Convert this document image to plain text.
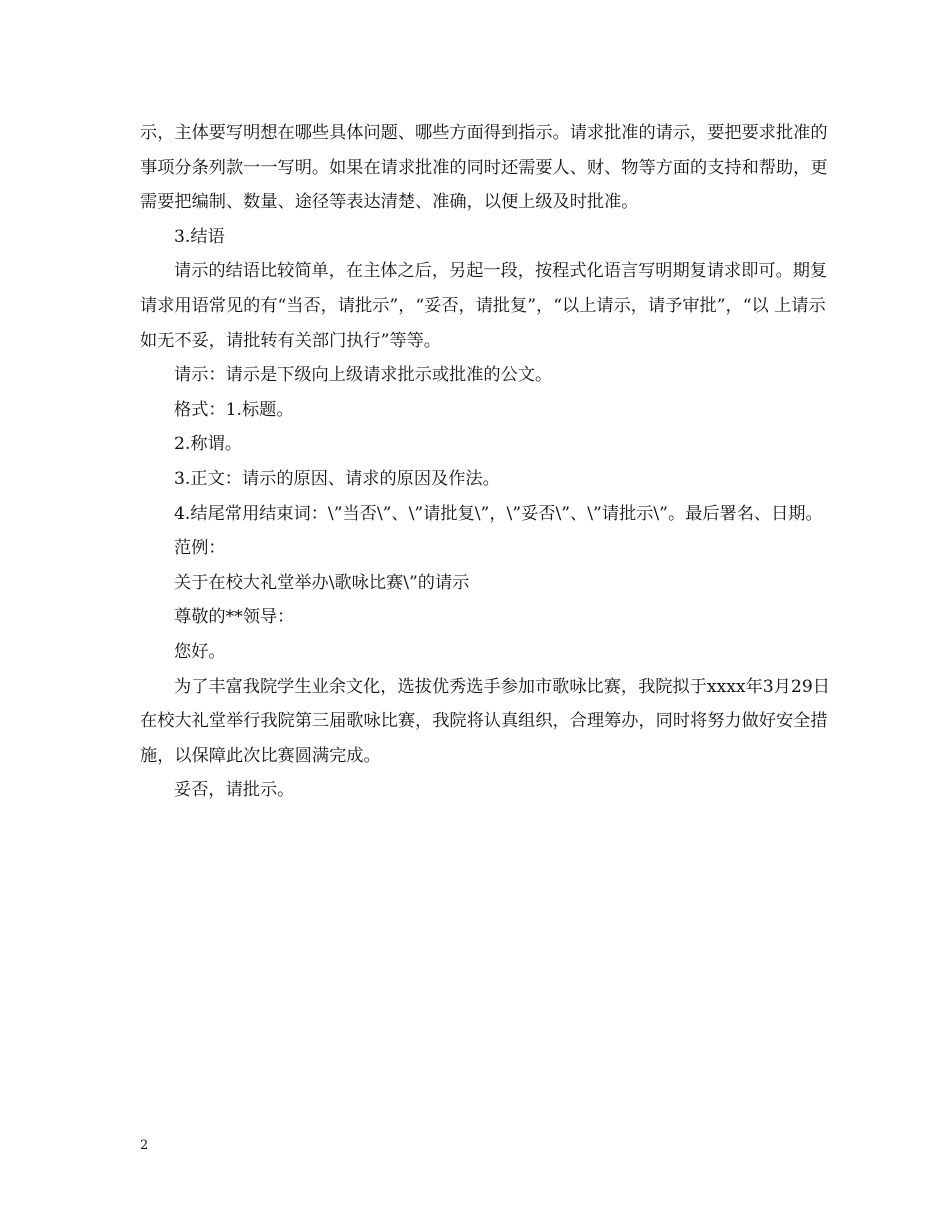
示，主体要写明想在哪些具体问题、哪些方面得到指示。请求批准的请示，要把要求批准的事项分条列款一一写明。如果在请求批准的同时还需要人、财、物等方面的支持和帮助，更需要把编制、数量、途径等表达清楚、准确，以便上级及时批准。

3.结语

请示的结语比较简单，在主体之后，另起一段，按程式化语言写明期复请求即可。期复请求用语常见的有“当否，请批示”，“妥否，请批复”，“以上请示，请予审批”，“以 上请示如无不妥，请批转有关部门执行”等等。

请示：请示是下级向上级请求批示或批准的公文。

格式：1.标题。

2.称谓。

3.正文：请示的原因、请求的原因及作法。

4.结尾常用结束词：\”当否\”、\”请批复\”，\”妥否\”、\”请批示\”。最后署名、日期。

范例：

关于在校大礼堂举办\歌咏比赛\”的请示

尊敬的**领导：

您好。

为了丰富我院学生业余文化，选拔优秀选手参加市歌咏比赛，我院拟于xxxx年3月29日在校大礼堂举行我院第三届歌咏比赛，我院将认真组织，合理筹办，同时将努力做好安全措施，以保障此次比赛圆满完成。

妥否，请批示。

2
